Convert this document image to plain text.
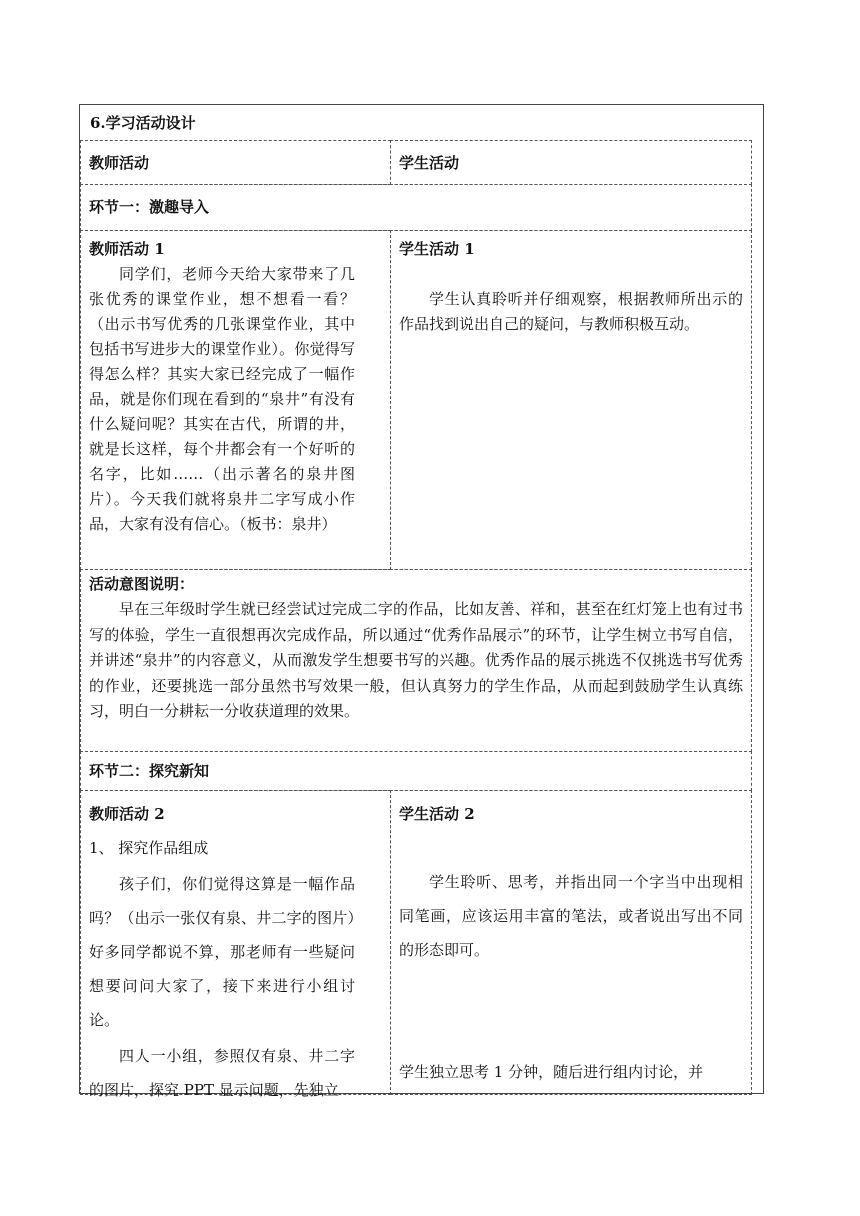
6.学习活动设计
教师活动	学生活动
环节一：激趣导入

教师活动 1

同学们，老师今天给大家带来了几张优秀的课堂作业，想不想看一看？（出示书写优秀的几张课堂作业，其中包括书写进步大的课堂作业）。你觉得写得怎么样？其实大家已经完成了一幅作品，就是你们现在看到的“泉井”有没有什么疑问呢？其实在古代，所谓的井，就是长这样，每个井都会有一个好听的名字，比如……（出示著名的泉井图片）。今天我们就将泉井二字写成小作品，大家有没有信心。（板书：泉井）

学生活动 1

学生认真聆听并仔细观察，根据教师所出示的作品找到说出自己的疑问，与教师积极互动。

活动意图说明：

早在三年级时学生就已经尝试过完成二字的作品，比如友善、祥和，甚至在红灯笼上也有过书写的体验，学生一直很想再次完成作品，所以通过“优秀作品展示”的环节，让学生树立书写自信，并讲述“泉井”的内容意义，从而激发学生想要书写的兴趣。优秀作品的展示挑选不仅挑选书写优秀的作业，还要挑选一部分虽然书写效果一般，但认真努力的学生作品，从而起到鼓励学生认真练习，明白一分耕耘一分收获道理的效果。

环节二：探究新知

教师活动 2

1、 探究作品组成

孩子们，你们觉得这算是一幅作品吗？（出示一张仅有泉、井二字的图片）好多同学都说不算，那老师有一些疑问想要问问大家了，接下来进行小组讨论。

四人一小组，参照仅有泉、井二字的图片，探究 PPT 显示问题，先独立

学生活动 2

学生聆听、思考，并指出同一个字当中出现相同笔画，应该运用丰富的笔法，或者说出写出不同的形态即可。

学生独立思考 1 分钟，随后进行组内讨论，并
